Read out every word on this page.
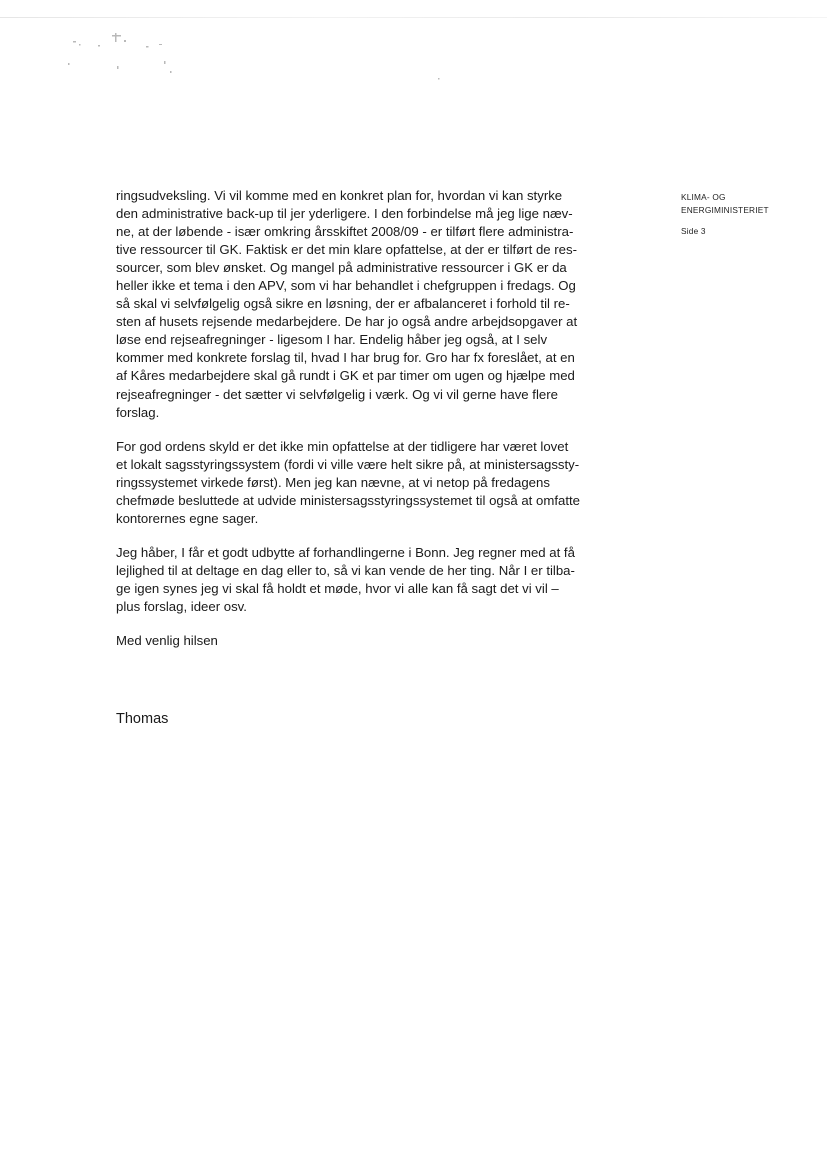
KLIMA- OG
ENERGIMINISTERIET
Side 3
ringsudveksling. Vi vil komme med en konkret plan for, hvordan vi kan styrke
den administrative back-up til jer yderligere. I den forbindelse må jeg lige næv-
ne, at der løbende - især omkring årsskiftet 2008/09 - er tilført flere administra-
tive ressourcer til GK. Faktisk er det min klare opfattelse, at der er tilført de res-
sourcer, som blev ønsket. Og mangel på administrative ressourcer i GK er da
heller ikke et tema i den APV, som vi har behandlet i chefgruppen i fredags. Og
så skal vi selvfølgelig også sikre en løsning, der er afbalanceret i forhold til re-
sten af husets rejsende medarbejdere. De har jo også andre arbejdsopgaver at
løse end rejseafregninger - ligesom I har. Endelig håber jeg også, at I selv
kommer med konkrete forslag til, hvad I har brug for. Gro har fx foreslået, at en
af Kåres medarbejdere skal gå rundt i GK et par timer om ugen og hjælpe med
rejseafregninger - det sætter vi selvfølgelig i værk. Og vi vil gerne have flere
forslag.
For god ordens skyld er det ikke min opfattelse at der tidligere har været lovet
et lokalt sagsstyringssystem (fordi vi ville være helt sikre på, at ministersagssty-
ringssystemet virkede først). Men jeg kan nævne, at vi netop på fredagens
chefmøde besluttede at udvide ministersagsstyringssystemet til også at omfatte
kontorernes egne sager.
Jeg håber, I får et godt udbytte af forhandlingerne i Bonn. Jeg regner med at få
lejlighed til at deltage en dag eller to, så vi kan vende de her ting. Når I er tilba-
ge igen synes jeg vi skal få holdt et møde, hvor vi alle kan få sagt det vi vil –
plus forslag, ideer osv.

Med venlig hilsen

Thomas
